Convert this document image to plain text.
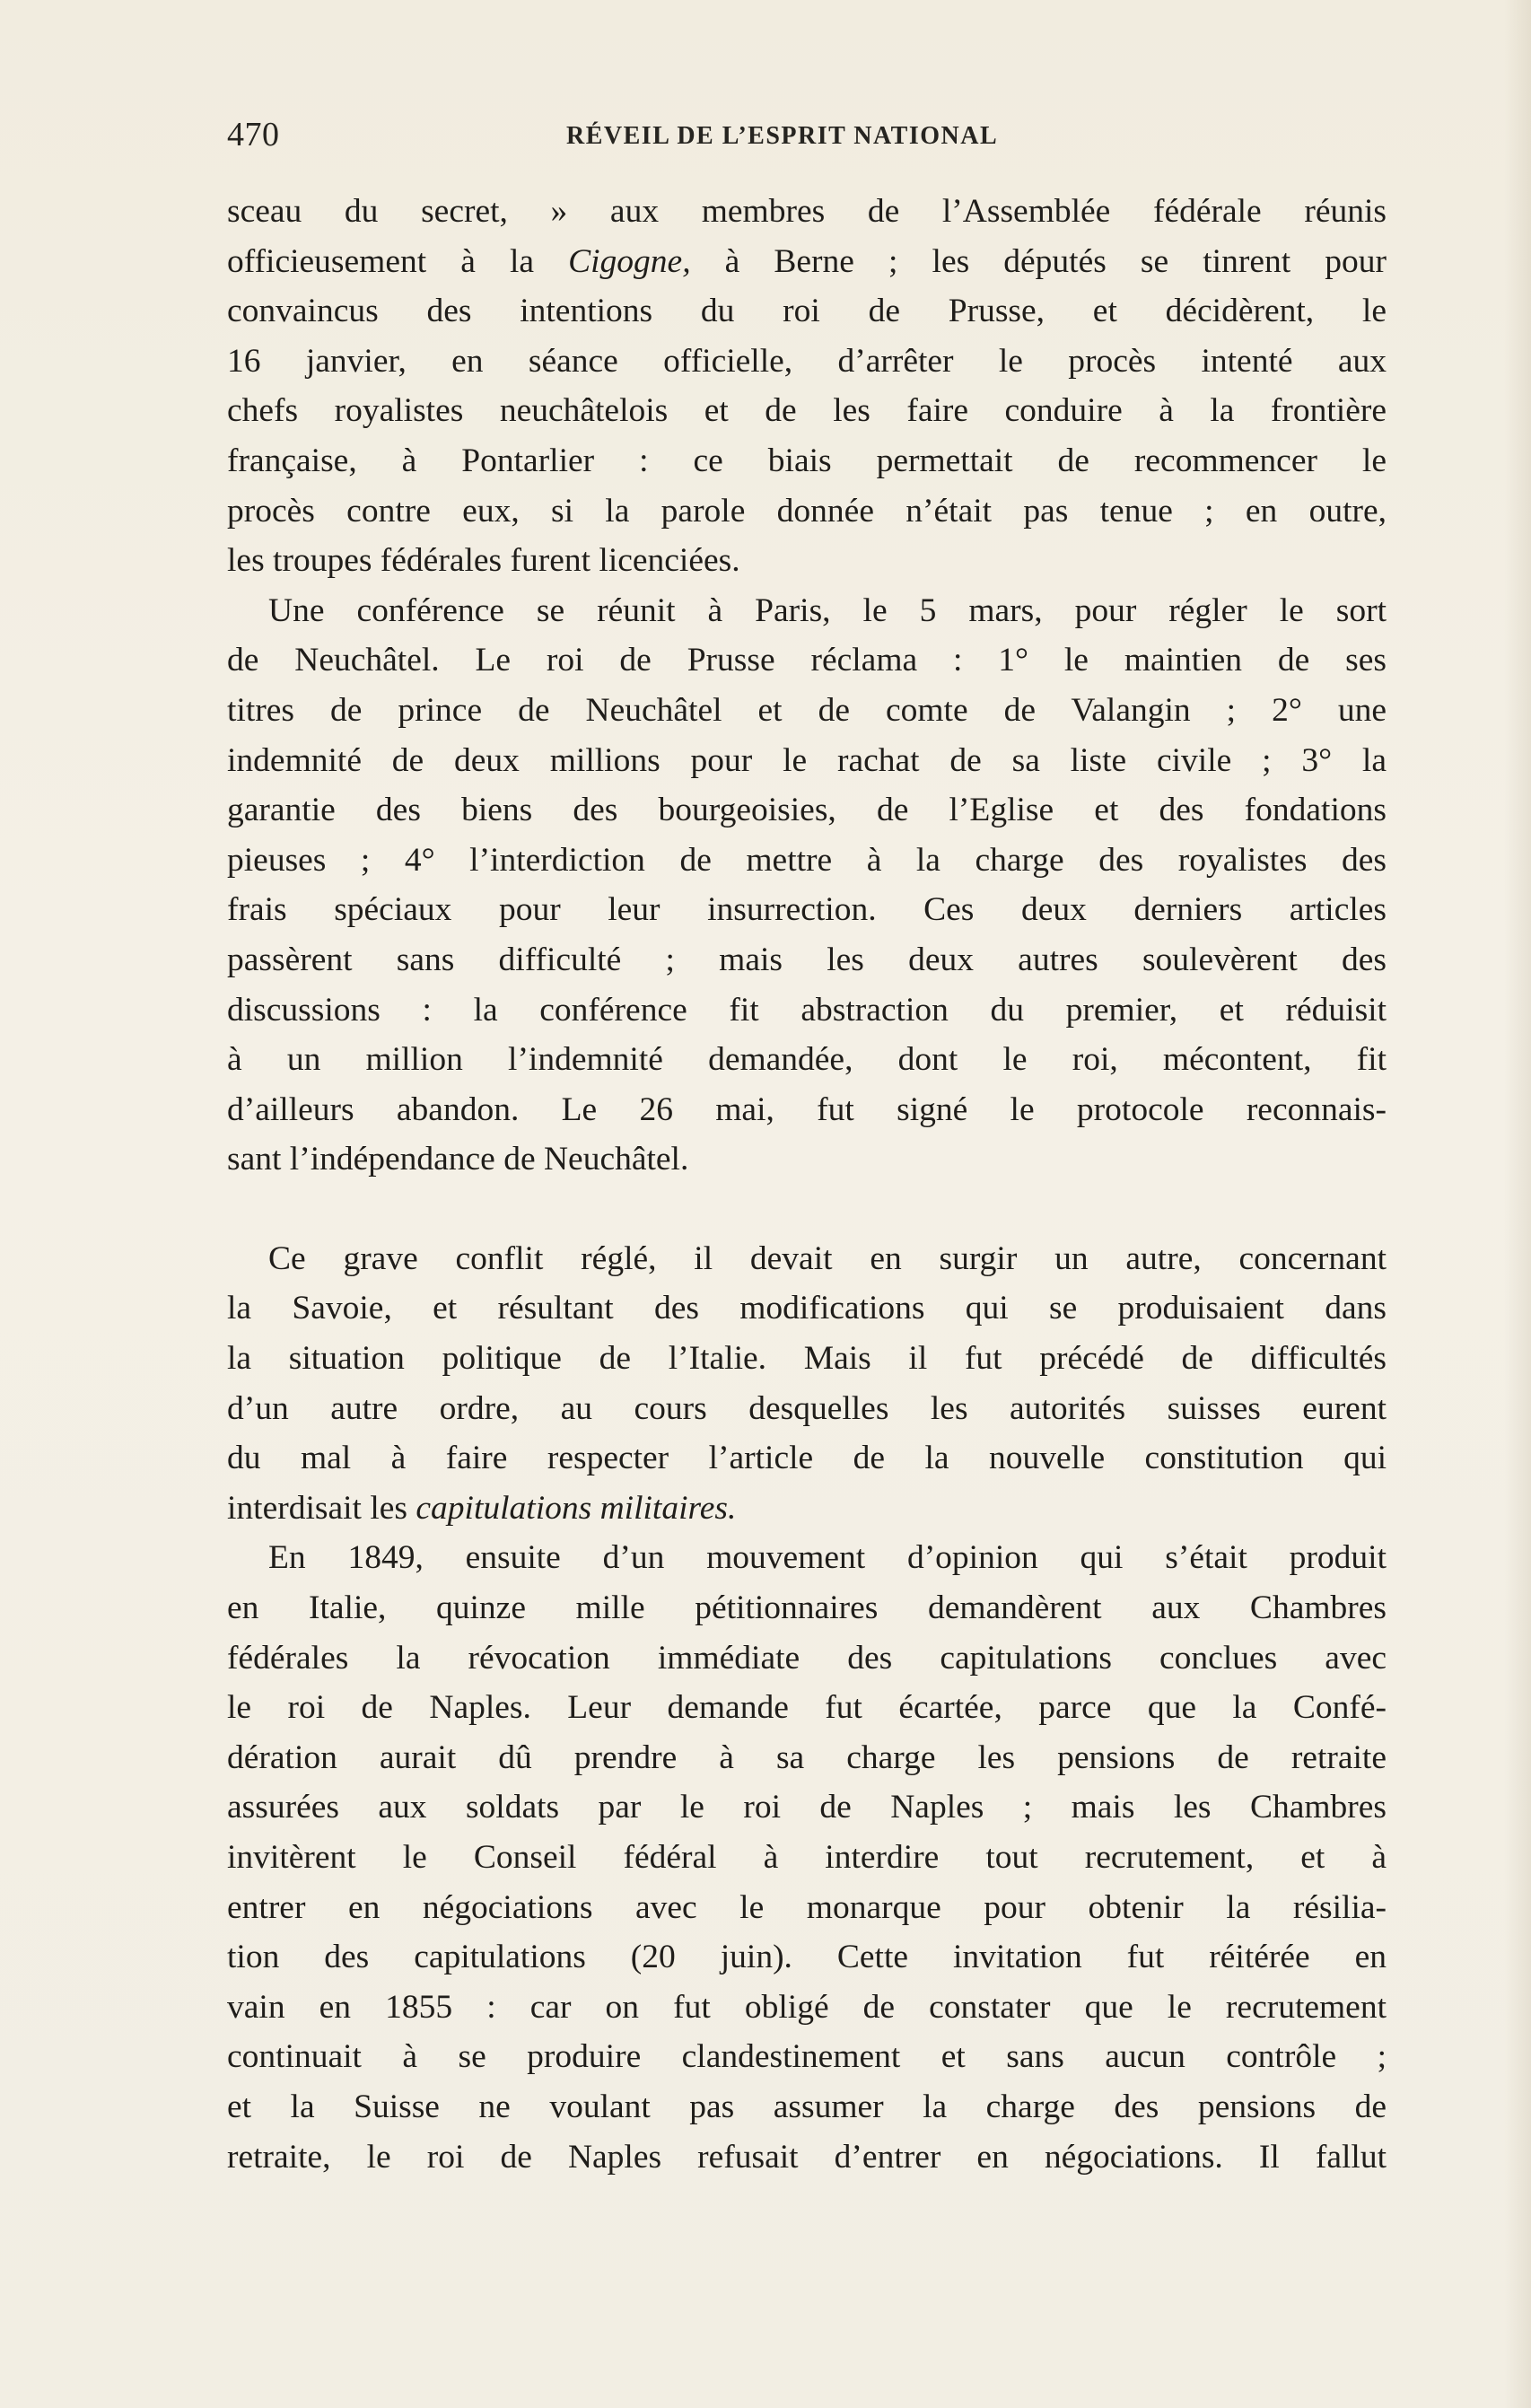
470	RÉVEIL DE L’ESPRIT NATIONAL
sceau du secret, » aux membres de l’Assemblée fédérale réunis
officieusement à la Cigogne, à Berne ; les députés se tinrent pour
convaincus des intentions du roi de Prusse, et décidèrent, le
16 janvier, en séance officielle, d’arrêter le procès intenté aux
chefs royalistes neuchâtelois et de les faire conduire à la frontière
française, à Pontarlier : ce biais permettait de recommencer le
procès contre eux, si la parole donnée n’était pas tenue ; en outre,
les troupes fédérales furent licenciées.
Une conférence se réunit à Paris, le 5 mars, pour régler le sort
de Neuchâtel. Le roi de Prusse réclama : 1° le maintien de ses
titres de prince de Neuchâtel et de comte de Valangin ; 2° une
indemnité de deux millions pour le rachat de sa liste civile ; 3° la
garantie des biens des bourgeoisies, de l’Eglise et des fondations
pieuses ; 4° l’interdiction de mettre à la charge des royalistes des
frais spéciaux pour leur insurrection. Ces deux derniers articles
passèrent sans difficulté ; mais les deux autres soulevèrent des
discussions : la conférence fit abstraction du premier, et réduisit
à un million l’indemnité demandée, dont le roi, mécontent, fit
d’ailleurs abandon. Le 26 mai, fut signé le protocole reconnais-
sant l’indépendance de Neuchâtel.
Ce grave conflit réglé, il devait en surgir un autre, concernant
la Savoie, et résultant des modifications qui se produisaient dans
la situation politique de l’Italie. Mais il fut précédé de difficultés
d’un autre ordre, au cours desquelles les autorités suisses eurent
du mal à faire respecter l’article de la nouvelle constitution qui
interdisait les capitulations militaires.
En 1849, ensuite d’un mouvement d’opinion qui s’était produit
en Italie, quinze mille pétitionnaires demandèrent aux Chambres
fédérales la révocation immédiate des capitulations conclues avec
le roi de Naples. Leur demande fut écartée, parce que la Confé-
dération aurait dû prendre à sa charge les pensions de retraite
assurées aux soldats par le roi de Naples ; mais les Chambres
invitèrent le Conseil fédéral à interdire tout recrutement, et à
entrer en négociations avec le monarque pour obtenir la résilia-
tion des capitulations (20 juin). Cette invitation fut réitérée en
vain en 1855 : car on fut obligé de constater que le recrutement
continuait à se produire clandestinement et sans aucun contrôle ;
et la Suisse ne voulant pas assumer la charge des pensions de
retraite, le roi de Naples refusait d’entrer en négociations. Il fallut
